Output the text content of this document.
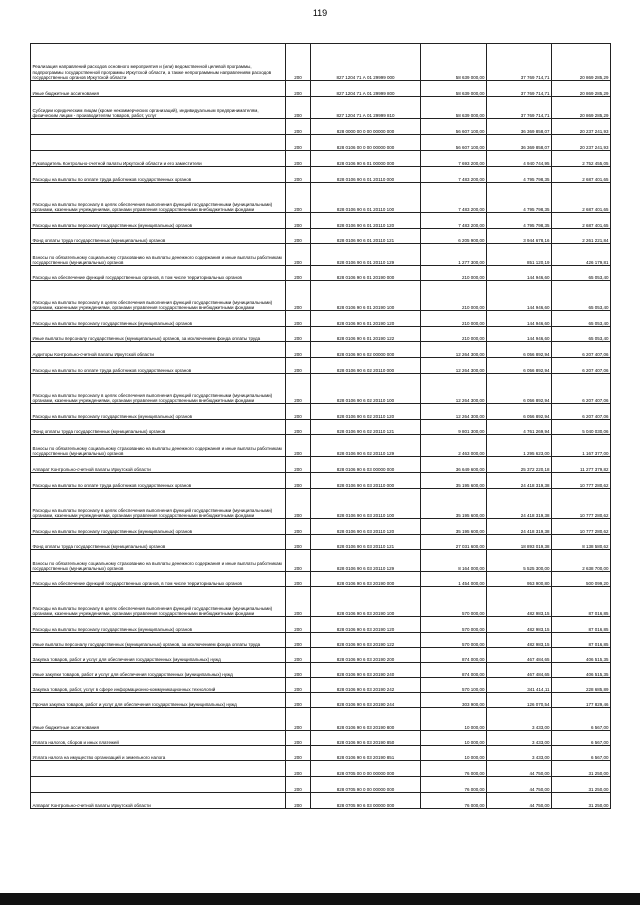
119
Реализация направлений расходов основного мероприятия и (или) ведомственной целевой программы, подпрограммы государственной программы Иркутской области, а также непрограммным направлениям расходов государственных органов Иркутской области	200	827 1204 71 А 01 29999 000	58 639 000,00	37 769 714,71	20 869 285,29
Иные бюджетные ассигнования	200	827 1204 71 А 01 29999 800	58 639 000,00	37 769 714,71	20 869 285,29
Субсидии юридическим лицам (кроме некоммерческих организаций), индивидуальным предпринимателям, физическим лицам - производителям товаров, работ, услуг	200	827 1204 71 А 01 29999 810	58 639 000,00	37 769 714,71	20 869 285,29
	200	828 0000 00 0 00 00000 000	56 607 100,00	36 369 858,07	20 237 241,93
	200	828 0106 00 0 00 00000 000	56 607 100,00	36 369 858,07	20 237 241,93
Руководитель Контрольно-счетной палаты Иркутской области и его заместители	200	828 0106 90 6 01 00000 000	7 693 200,00	4 940 744,95	2 752 455,05
Расходы на выплаты по оплате труда работников государственных органов	200	828 0106 90 6 01 20110 000	7 483 200,00	4 795 798,35	2 687 401,65
Расходы на выплаты персоналу в целях обеспечения выполнения функций государственными (муниципальными) органами, казенными учреждениями, органами управления государственными внебюджетными фондами	200	828 0106 90 6 01 20110 100	7 483 200,00	4 795 798,35	2 687 401,65
Расходы на выплаты персоналу государственных (муниципальных) органов	200	828 0106 90 6 01 20110 120	7 483 200,00	4 795 798,35	2 687 401,65
Фонд оплаты труда государственных (муниципальных) органов	200	828 0106 90 6 01 20110 121	6 205 900,00	3 944 678,16	2 261 221,84
Взносы по обязательному социальному страхованию на выплаты денежного содержания и иные выплаты работникам государственных (муниципальных) органов	200	828 0106 90 6 01 20110 129	1 277 300,00	851 120,19	426 179,81
Расходы на обеспечение функций государственных органов, в том числе территориальных органов	200	828 0106 90 6 01 20190 000	210 000,00	144 946,60	65 053,40
Расходы на выплаты персоналу в целях обеспечения выполнения функций государственными (муниципальными) органами, казенными учреждениями, органами управления государственными внебюджетными фондами	200	828 0106 90 6 01 20190 100	210 000,00	144 946,60	65 053,40
Расходы на выплаты персоналу государственных (муниципальных) органов	200	828 0106 90 6 01 20190 120	210 000,00	144 946,60	65 053,40
Иные выплаты персоналу государственных (муниципальных) органов, за исключением фонда оплаты труда	200	828 0106 90 6 01 20190 122	210 000,00	144 946,60	65 053,40
Аудиторы Контрольно-счетной палаты Иркутской области	200	828 0106 90 6 02 00000 000	12 264 300,00	6 056 892,94	6 207 407,06
Расходы на выплаты по оплате труда работников государственных органов	200	828 0106 90 6 02 20110 000	12 264 300,00	6 056 892,94	6 207 407,06
Расходы на выплаты персоналу в целях обеспечения выполнения функций государственными (муниципальными) органами, казенными учреждениями, органами управления государственными внебюджетными фондами	200	828 0106 90 6 02 20110 100	12 264 300,00	6 056 892,94	6 207 407,06
Расходы на выплаты персоналу государственных (муниципальных) органов	200	828 0106 90 6 02 20110 120	12 264 300,00	6 056 892,94	6 207 407,06
Фонд оплаты труда государственных (муниципальных) органов	200	828 0106 90 6 02 20110 121	9 801 300,00	4 761 269,94	5 040 030,06
Взносы по обязательному социальному страхованию на выплаты денежного содержания и иные выплаты работникам государственных (муниципальных) органов	200	828 0106 90 6 02 20110 129	2 463 000,00	1 295 623,00	1 167 377,00
Аппарат Контрольно-счетной палаты Иркутской области	200	828 0106 90 6 03 00000 000	36 649 600,00	25 372 220,18	11 277 379,82
Расходы на выплаты по оплате труда работников государственных органов	200	828 0106 90 6 03 20110 000	35 195 600,00	24 418 319,38	10 777 280,62
Расходы на выплаты персоналу в целях обеспечения выполнения функций государственными (муниципальными) органами, казенными учреждениями, органами управления государственными внебюджетными фондами	200	828 0106 90 6 03 20110 100	35 195 600,00	24 418 319,38	10 777 280,62
Расходы на выплаты персоналу государственных (муниципальных) органов	200	828 0106 90 6 03 20110 120	35 195 600,00	24 418 319,38	10 777 280,62
Фонд оплаты труда государственных (муниципальных) органов	200	828 0106 90 6 03 20110 121	27 031 600,00	18 893 019,38	8 138 580,62
Взносы по обязательному социальному страхованию на выплаты денежного содержания и иные выплаты работникам государственных (муниципальных) органов	200	828 0106 90 6 03 20110 129	8 164 000,00	5 525 300,00	2 638 700,00
Расходы на обеспечение функций государственных органов, в том числе территориальных органов	200	828 0106 90 6 03 20190 000	1 454 000,00	953 900,80	500 099,20
Расходы на выплаты персоналу в целях обеспечения выполнения функций государственными (муниципальными) органами, казенными учреждениями, органами управления государственными внебюджетными фондами	200	828 0106 90 6 03 20190 100	570 000,00	482 983,15	87 016,85
Расходы на выплаты персоналу государственных (муниципальных) органов	200	828 0106 90 6 03 20190 120	570 000,00	482 983,15	87 016,85
Иные выплаты персоналу государственных (муниципальных) органов, за исключением фонда оплаты труда	200	828 0106 90 6 03 20190 122	570 000,00	482 983,15	87 016,85
Закупка товаров, работ и услуг для обеспечения государственных (муниципальных) нужд	200	828 0106 90 6 03 20190 200	874 000,00	467 484,65	406 515,35
Иные закупки товаров, работ и услуг для обеспечения государственных (муниципальных) нужд	200	828 0106 90 6 03 20190 240	874 000,00	467 484,65	406 515,35
Закупка товаров, работ, услуг в сфере информационно-коммуникационных технологий	200	828 0106 90 6 03 20190 242	570 100,00	341 414,11	228 685,89
Прочая закупка товаров, работ и услуг для обеспечения государственных (муниципальных) нужд	200	828 0106 90 6 03 20190 244	303 900,00	126 070,54	177 829,46
Иные бюджетные ассигнования	200	828 0106 90 6 03 20190 800	10 000,00	3 433,00	6 567,00
Уплата налогов, сборов и иных платежей	200	828 0106 90 6 03 20190 850	10 000,00	3 433,00	6 567,00
Уплата налога на имущество организаций и земельного налога	200	828 0106 90 6 03 20190 851	10 000,00	3 433,00	6 567,00
	200	828 0705 00 0 00 00000 000	76 000,00	44 750,00	31 250,00
	200	828 0705 90 0 00 00000 000	76 000,00	44 750,00	31 250,00
Аппарат Контрольно-счетной палаты Иркутской области	200	828 0705 90 6 03 00000 000	76 000,00	44 750,00	31 250,00
